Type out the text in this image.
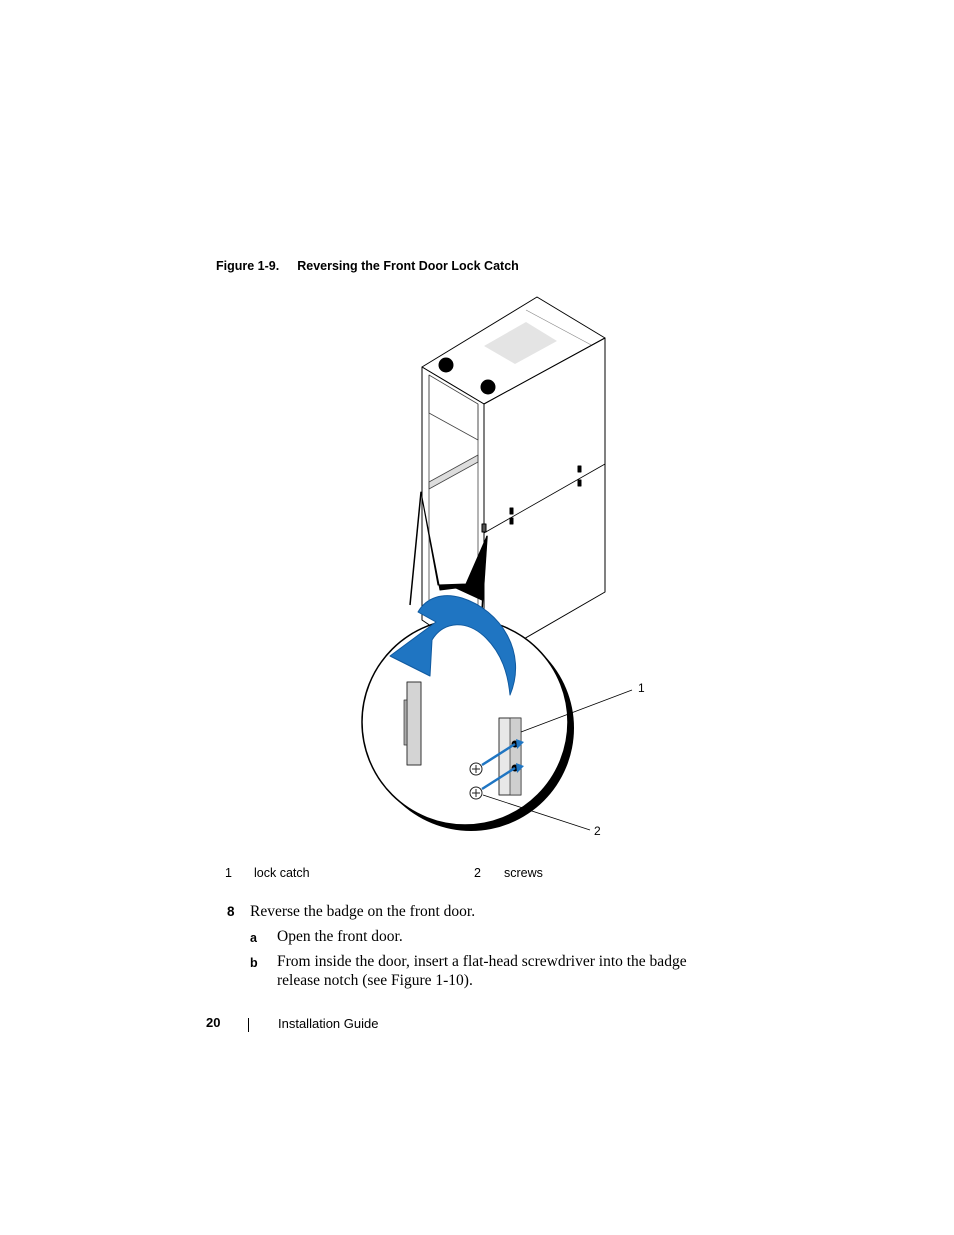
Figure 1-9. Reversing the Front Door Lock Catch
1
2
1 lock catch	2 screws
8 Reverse the badge on the front door.
a Open the front door.
b From inside the door, insert a flat-head screwdriver into the badge
release notch (see Figure 1-10).
20	Installation Guide
